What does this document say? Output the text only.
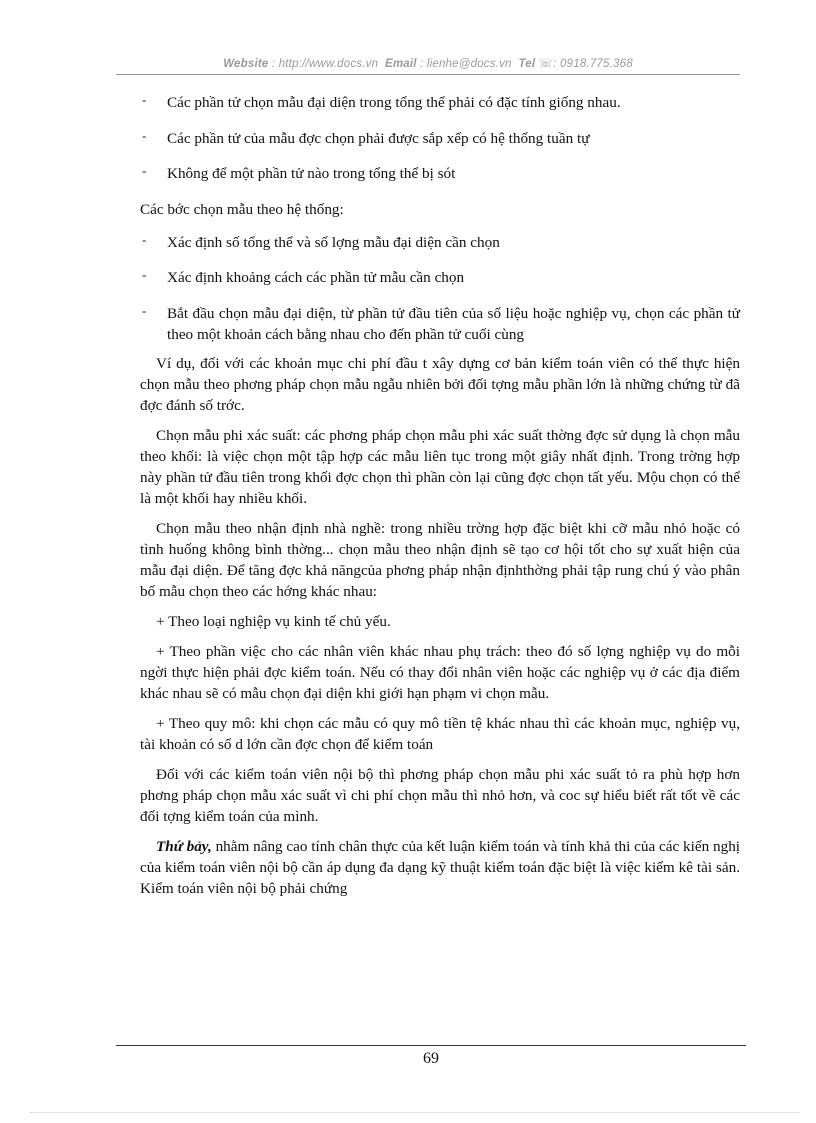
Website : http://www.docs.vn Email : lienhe@docs.vn Tel ☏: 0918.775.368
- Các phần tử chọn mẫu đại diện trong tổng thể phải có đặc tính giống nhau.
- Các phần tử của mẫu đợc chọn phải được sắp xếp có hệ thống tuần tự
- Không để một phần tử nào trong tổng thể bị sót
Các bớc chọn mẫu theo hệ thống:
- Xác định số tổng thể và số lợng mẫu đại diện cần chọn
- Xác định khoảng cách các phần tử mẫu cần chọn
- Bắt đầu chọn mẫu đại diện, từ phần tử đầu tiên của số liệu hoặc nghiệp vụ, chọn các phần tử theo một khoản cách bằng nhau cho đến phần tử cuối cùng

Ví dụ, đối với các khoản mục chi phí đầu t xây dựng cơ bản kiểm toán viên có thể thực hiện chọn mẫu theo phơng pháp chọn mẫu ngẫu nhiên bởi đối tợng mẫu phần lớn là những chứng từ đã đợc đánh số trớc.

Chọn mẫu phi xác suất: các phơng pháp chọn mẫu phi xác suất thờng đợc sử dụng là chọn mẫu theo khối: là việc chọn một tập hợp các mẫu liên tục trong một giây nhất định. Trong trờng hợp này phần tử đầu tiên trong khối đợc chọn thì phần còn lại cũng đợc chọn tất yếu. Mộu chọn có thể là một khối hay nhiều khối.

Chọn mẫu theo nhận định nhà nghề: trong nhiều trờng hợp đặc biệt khi cỡ mẫu nhỏ hoặc có tình huống không bình thờng... chọn mẫu theo nhận định sẽ tạo cơ hội tốt cho sự xuất hiện của mẫu đại diện. Để tăng đợc khả năngcủa phơng pháp nhận địnhthờng phải tập rung chú ý vào phân bố mẫu chọn theo các hớng khác nhau:

+ Theo loại nghiệp vụ kinh tế chủ yếu.

+ Theo phần việc cho các nhân viên khác nhau phụ trách: theo đó số lợng nghiệp vụ do mỗi ngời thực hiện phải đợc kiểm toán. Nếu có thay đổi nhân viên hoặc các nghiệp vụ ở các địa điểm khác nhau sẽ có mẫu chọn đại diện khi giới hạn phạm vi chọn mẫu.

+ Theo quy mô: khi chọn các mẫu có quy mô tiền tệ khác nhau thì các khoản mục, nghiệp vụ, tài khoản có số d lớn cần đợc chọn để kiểm toán

Đối với các kiểm toán viên nội bộ thì phơng pháp chọn mẫu phi xác suất tỏ ra phù hợp hơn phơng pháp chọn mẫu xác suất vì chi phí chọn mẫu thì nhỏ hơn, và coc sự hiểu biết rất tốt về các đối tợng kiểm toán của mình.

Thứ bảy, nhằm nâng cao tính chân thực của kết luận kiểm toán và tính khả thi của các kiến nghị của kiểm toán viên nội bộ cần áp dụng đa dạng kỹ thuật kiểm toán đặc biệt là việc kiểm kê tài sản. Kiểm toán viên nội bộ phải chứng

69
